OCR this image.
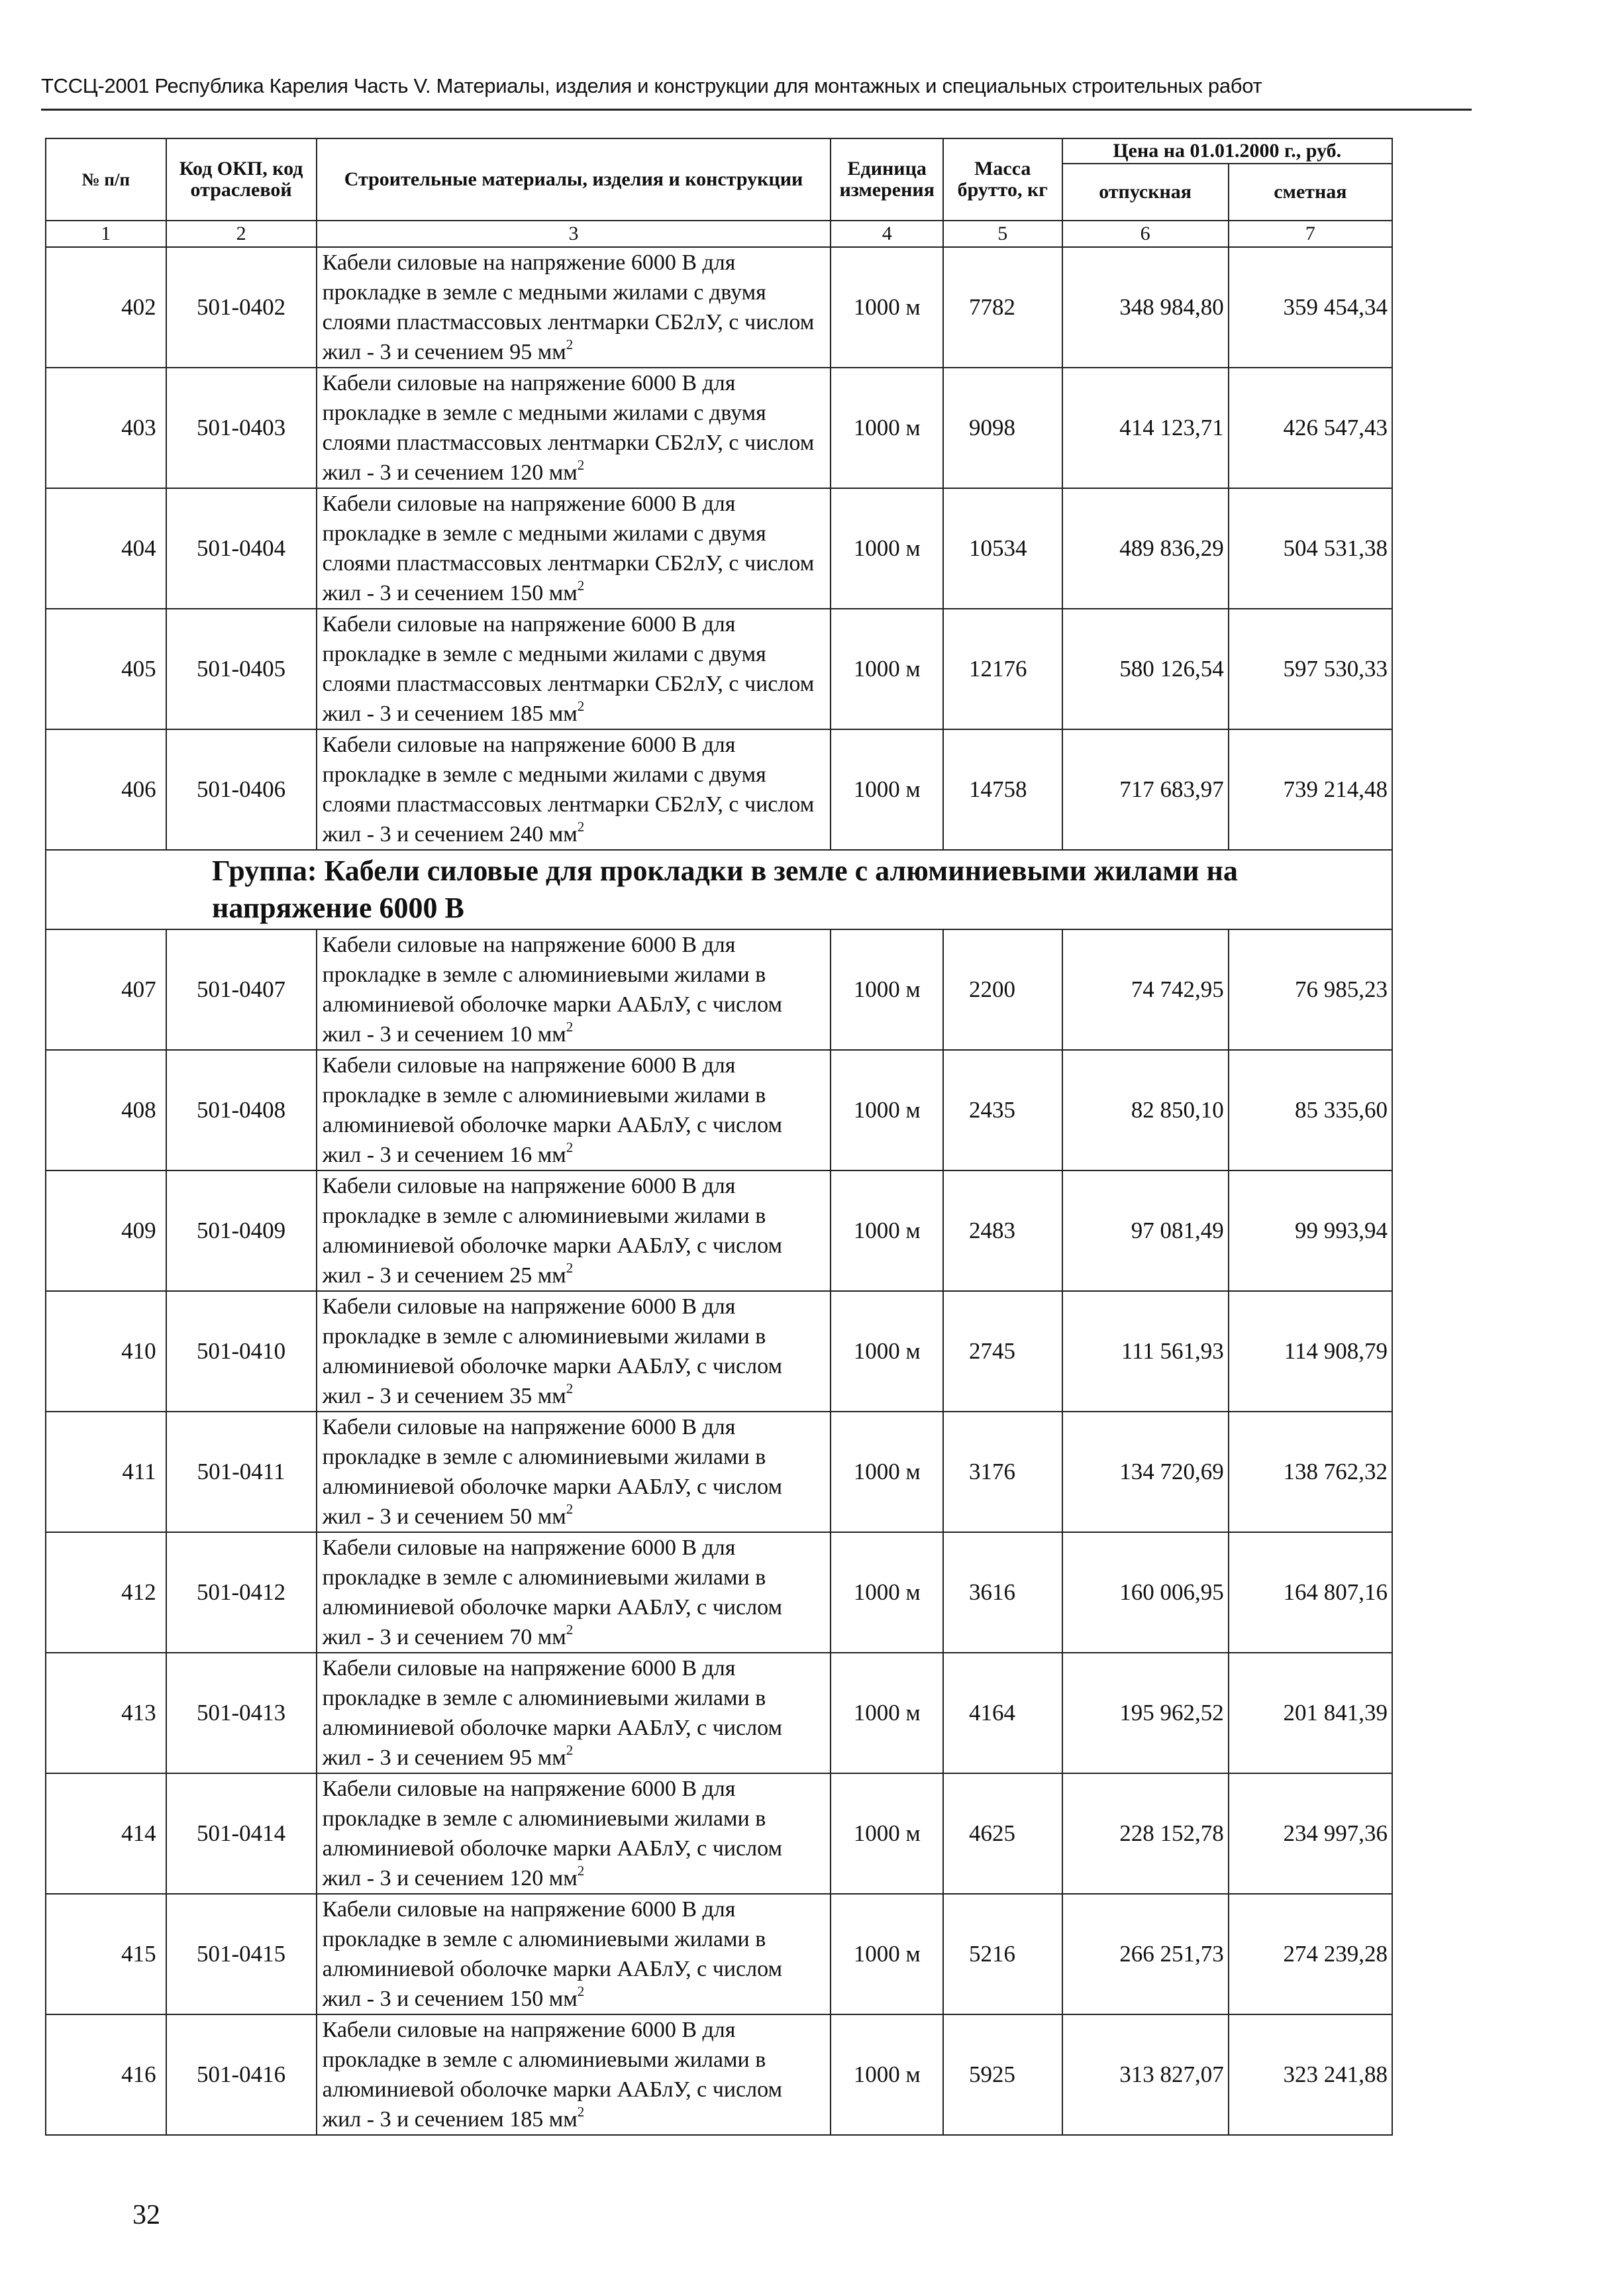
ТССЦ-2001 Республика Карелия Часть V. Материалы, изделия и конструкции для монтажных и специальных строительных работ
№ п/п	Код ОКП, код отраслевой	Строительные материалы, изделия и конструкции	Единица измерения	Масса брутто, кг	Цена на 01.01.2000 г., руб.	
					отпускная	сметная
1	2	3	4	5	6	7
402	501-0402	Кабели силовые на напряжение 6000 В для прокладке в земле с медными жилами с двумя слоями пластмассовых лентмарки СБ2лУ, с числом жил - 3 и сечением 95 $мм^2$	1000 м	7782	348 984,80	359 454,34
403	501-0403	Кабели силовые на напряжение 6000 В для прокладке в земле с медными жилами с двумя слоями пластмассовых лентмарки СБ2лУ, с числом жил - 3 и сечением 120 $мм^2$	1000 м	9098	414 123,71	426 547,43
404	501-0404	Кабели силовые на напряжение 6000 В для прокладке в земле с медными жилами с двумя слоями пластмассовых лентмарки СБ2лУ, с числом жил - 3 и сечением 150 $мм^2$	1000 м	10534	489 836,29	504 531,38
405	501-0405	Кабели силовые на напряжение 6000 В для прокладке в земле с медными жилами с двумя слоями пластмассовых лентмарки СБ2лУ, с числом жил - 3 и сечением 185 $мм^2$	1000 м	12176	580 126,54	597 530,33
406	501-0406	Кабели силовые на напряжение 6000 В для прокладке в земле с медными жилами с двумя слоями пластмассовых лентмарки СБ2лУ, с числом жил - 3 и сечением 240 $мм^2$	1000 м	14758	717 683,97	739 214,48
Группа: Кабели силовые для прокладки в земле с алюминиевыми жилами на напряжение 6000 В						
407	501-0407	Кабели силовые на напряжение 6000 В для прокладке в земле с алюминиевыми жилами в алюминиевой оболочке марки ААБлУ, с числом жил - 3 и сечением 10 $мм^2$	1000 м	2200	74 742,95	76 985,23
408	501-0408	Кабели силовые на напряжение 6000 В для прокладке в земле с алюминиевыми жилами в алюминиевой оболочке марки ААБлУ, с числом жил - 3 и сечением 16 $мм^2$	1000 м	2435	82 850,10	85 335,60
409	501-0409	Кабели силовые на напряжение 6000 В для прокладке в земле с алюминиевыми жилами в алюминиевой оболочке марки ААБлУ, с числом жил - 3 и сечением 25 $мм^2$	1000 м	2483	97 081,49	99 993,94
410	501-0410	Кабели силовые на напряжение 6000 В для прокладке в земле с алюминиевыми жилами в алюминиевой оболочке марки ААБлУ, с числом жил - 3 и сечением 35 $мм^2$	1000 м	2745	111 561,93	114 908,79
411	501-0411	Кабели силовые на напряжение 6000 В для прокладке в земле с алюминиевыми жилами в алюминиевой оболочке марки ААБлУ, с числом жил - 3 и сечением 50 $мм^2$	1000 м	3176	134 720,69	138 762,32
412	501-0412	Кабели силовые на напряжение 6000 В для прокладке в земле с алюминиевыми жилами в алюминиевой оболочке марки ААБлУ, с числом жил - 3 и сечением 70 $мм^2$	1000 м	3616	160 006,95	164 807,16
413	501-0413	Кабели силовые на напряжение 6000 В для прокладке в земле с алюминиевыми жилами в алюминиевой оболочке марки ААБлУ, с числом жил - 3 и сечением 95 $мм^2$	1000 м	4164	195 962,52	201 841,39
414	501-0414	Кабели силовые на напряжение 6000 В для прокладке в земле с алюминиевыми жилами в алюминиевой оболочке марки ААБлУ, с числом жил - 3 и сечением 120 $мм^2$	1000 м	4625	228 152,78	234 997,36
415	501-0415	Кабели силовые на напряжение 6000 В для прокладке в земле с алюминиевыми жилами в алюминиевой оболочке марки ААБлУ, с числом жил - 3 и сечением 150 $мм^2$	1000 м	5216	266 251,73	274 239,28
416	501-0416	Кабели силовые на напряжение 6000 В для прокладке в земле с алюминиевыми жилами в алюминиевой оболочке марки ААБлУ, с числом жил - 3 и сечением 185 $мм^2$	1000 м	5925	313 827,07	323 241,88
32
